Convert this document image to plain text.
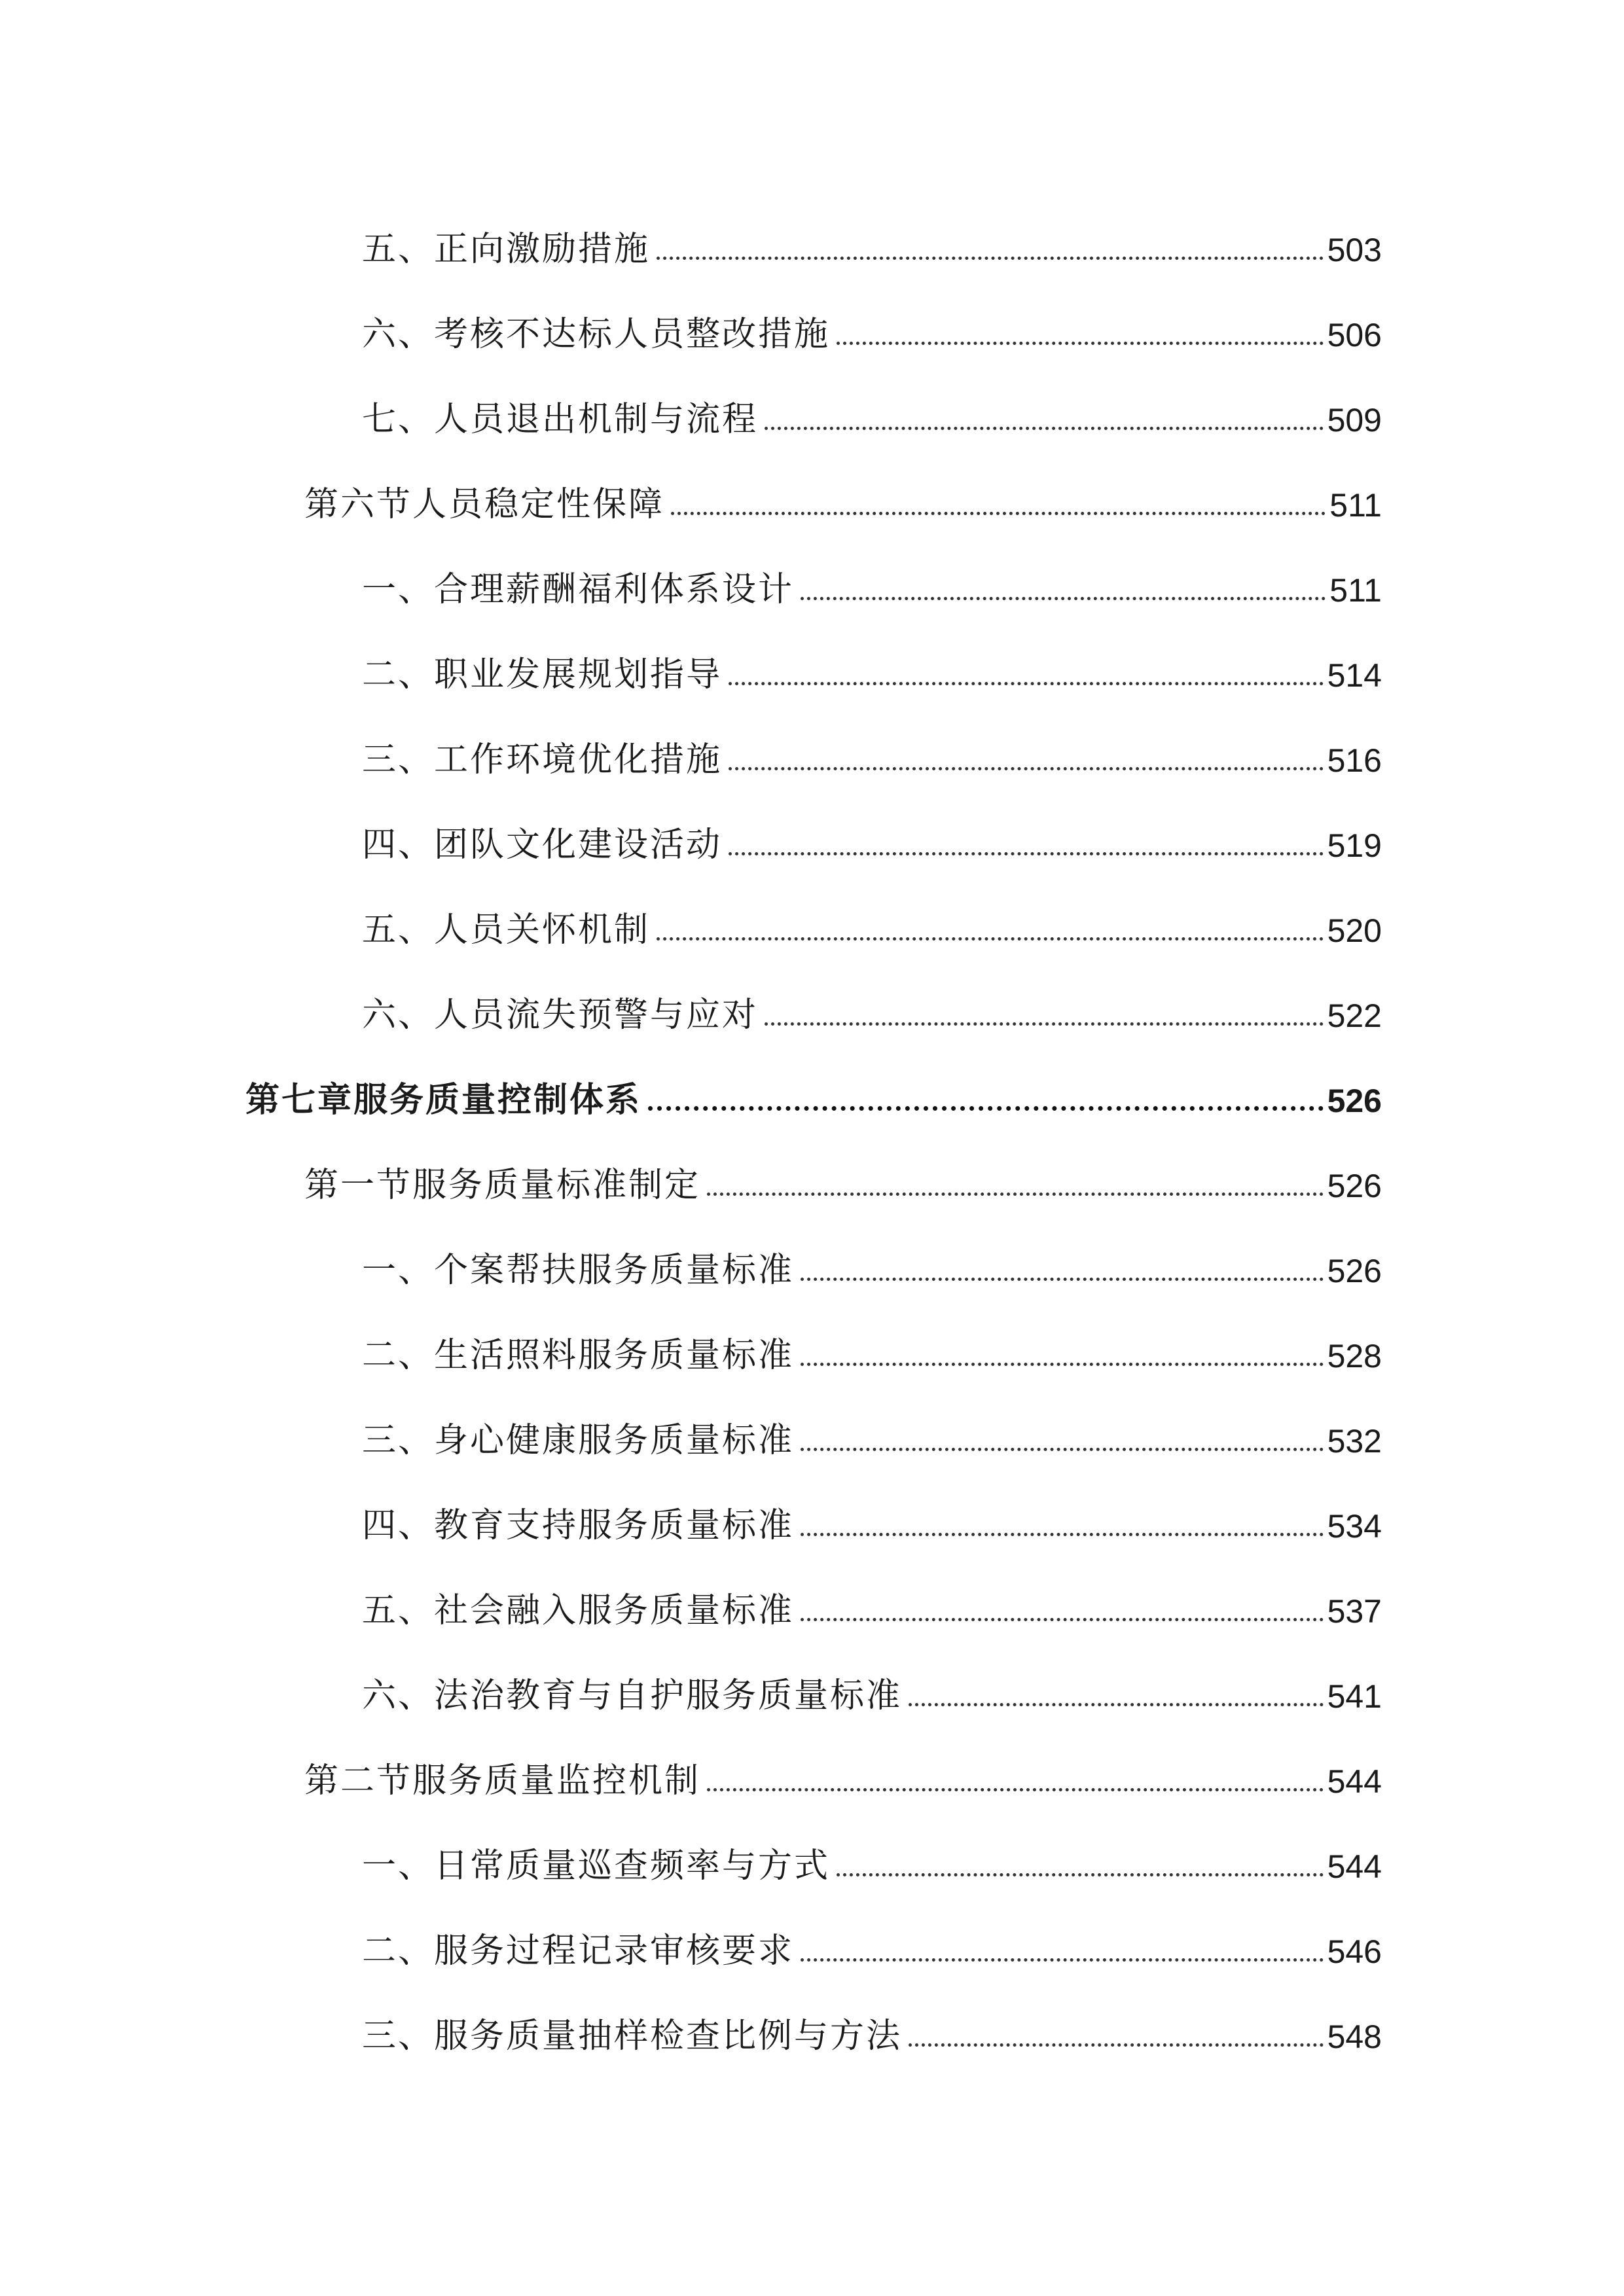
五、正向激励措施	503
六、考核不达标人员整改措施	506
七、人员退出机制与流程	509
第六节人员稳定性保障	511
一、合理薪酬福利体系设计	511
二、职业发展规划指导	514
三、工作环境优化措施	516
四、团队文化建设活动	519
五、人员关怀机制	520
六、人员流失预警与应对	522
第七章服务质量控制体系	526
第一节服务质量标准制定	526
一、个案帮扶服务质量标准	526
二、生活照料服务质量标准	528
三、身心健康服务质量标准	532
四、教育支持服务质量标准	534
五、社会融入服务质量标准	537
六、法治教育与自护服务质量标准	541
第二节服务质量监控机制	544
一、日常质量巡查频率与方式	544
二、服务过程记录审核要求	546
三、服务质量抽样检查比例与方法	548
